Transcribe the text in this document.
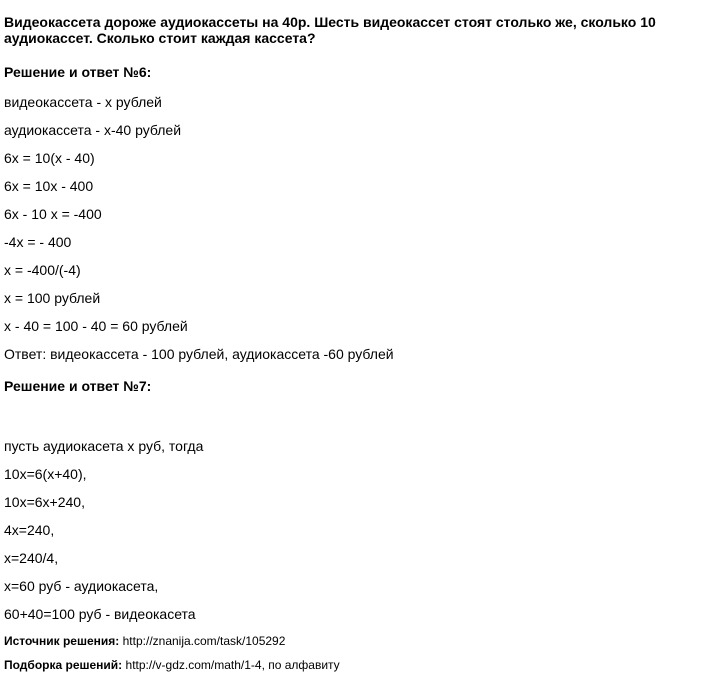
Видеокассета дороже аудиокассеты на 40р. Шесть видеокассет стоят столько же, сколько 10
аудиокассет. Сколько стоит каждая кассета?
Решение и ответ №6:
видеокассета - х рублей
аудиокассета - х-40 рублей
6х = 10(х - 40)
6х = 10х - 400
6х - 10 х = -400
-4х = - 400
х = -400/(-4)
х = 100 рублей
х - 40 = 100 - 40 = 60 рублей
Ответ: видеокассета - 100 рублей, аудиокассета -60 рублей
Решение и ответ №7:
пусть аудиокасета х руб, тогда
10х=6(х+40),
10х=6х+240,
4х=240,
х=240/4,
х=60 руб - аудиокасета,
60+40=100 руб - видеокасета
Источник решения: http://znanija.com/task/105292
Подборка решений: http://v-gdz.com/math/1-4, по алфавиту
